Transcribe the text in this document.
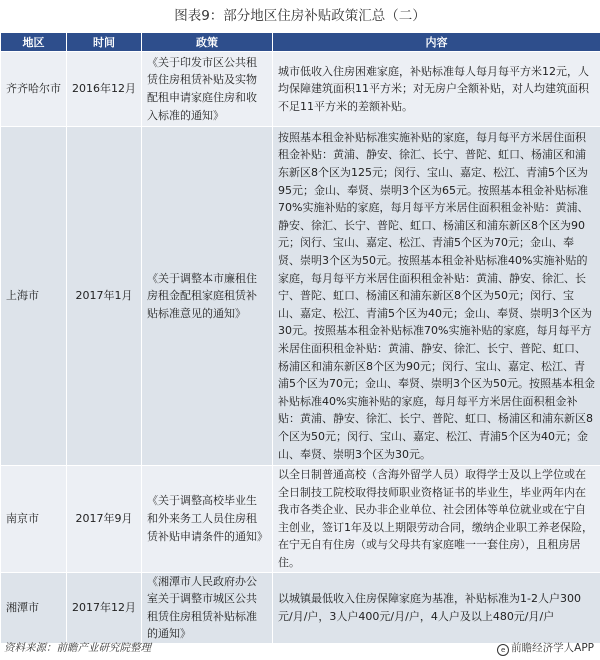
图表9：部分地区住房补贴政策汇总（二）
地区	时间	政策	内容
齐齐哈尔市	2016年12月	《关于印发市区公共租赁住房租赁补贴及实物配租申请家庭住房和收入标准的通知》	城市低收入住房困难家庭，补贴标准每人每月每平方米12元，人均保障建筑面积11平方米；对无房户全额补贴，对人均建筑面积不足11平方米的差额补贴。
上海市	2017年1月	《关于调整本市廉租住房租金配租家庭租赁补贴标准意见的通知》	按照基本租金补贴标准实施补贴的家庭，每月每平方米居住面积租金补贴：黄浦、静安、徐汇、长宁、普陀、虹口、杨浦区和浦东新区8个区为125元；闵行、宝山、嘉定、松江、青浦5个区为95元；金山、奉贤、崇明3个区为65元。按照基本租金补贴标准70%实施补贴的家庭，每月每平方米居住面积租金补贴：黄浦、静安、徐汇、长宁、普陀、虹口、杨浦区和浦东新区8个区为90元；闵行、宝山、嘉定、松江、青浦5个区为70元；金山、奉贤、崇明3个区为50元。按照基本租金补贴标准40%实施补贴的家庭，每月每平方米居住面积租金补贴：黄浦、静安、徐汇、长宁、普陀、虹口、杨浦区和浦东新区8个区为50元；闵行、宝山、嘉定、松江、青浦5个区为40元；金山、奉贤、崇明3个区为30元。按照基本租金补贴标准70%实施补贴的家庭，每月每平方米居住面积租金补贴：黄浦、静安、徐汇、长宁、普陀、虹口、杨浦区和浦东新区8个区为90元；闵行、宝山、嘉定、松江、青浦5个区为70元；金山、奉贤、崇明3个区为50元。按照基本租金补贴标准40%实施补贴的家庭，每月每平方米居住面积租金补贴：黄浦、静安、徐汇、长宁、普陀、虹口、杨浦区和浦东新区8个区为50元；闵行、宝山、嘉定、松江、青浦5个区为40元；金山、奉贤、崇明3个区为30元。
南京市	2017年9月	《关于调整高校毕业生和外来务工人员住房租赁补贴申请条件的通知》	以全日制普通高校（含海外留学人员）取得学士及以上学位或在全日制技工院校取得技师职业资格证书的毕业生，毕业两年内在我市各类企业、民办非企业单位、社会团体等单位就业或在宁自主创业，签订1年及以上期限劳动合同，缴纳企业职工养老保险，在宁无自有住房（或与父母共有家庭唯一一套住房），且租房居住。
湘潭市	2017年12月	《湘潭市人民政府办公室关于调整市城区公共租赁住房租赁补贴标准的通知》	以城镇最低收入住房保障家庭为基准，补贴标准为1-2人户300元/月/户，3人户400元/月/户，4人户及以上480元/月/户
资料来源：前瞻产业研究院整理	e 前瞻经济学人APP
